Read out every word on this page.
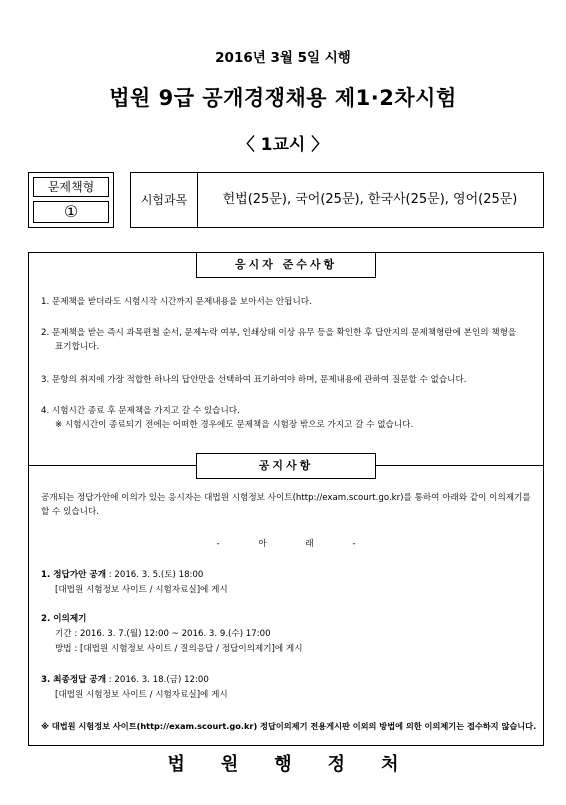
2016년 3월 5일 시행
법원 9급 공개경쟁채용 제1·2차시험
〈 1교시 〉
문제책형
①
시험과목	헌법(25문), 국어(25문), 한국사(25문), 영어(25문)
응시자 준수사항
1. 문제책을 받더라도 시험시작 시간까지 문제내용을 보아서는 안됩니다.
2. 문제책을 받는 즉시 과목편철 순서, 문제누락 여부, 인쇄상태 이상 유무 등을 확인한 후 답안지의 문제책형란에 본인의 책형을
표기합니다.
3. 문항의 취지에 가장 적합한 하나의 답안만을 선택하여 표기하여야 하며, 문제내용에 관하여 질문할 수 없습니다.
4. 시험시간 종료 후 문제책을 가지고 갈 수 있습니다.
※ 시험시간이 종료되기 전에는 어떠한 경우에도 문제책을 시험장 밖으로 가지고 갈 수 없습니다.
공지사항
공개되는 정답가안에 이의가 있는 응시자는 대법원 시험정보 사이트(http://exam.scourt.go.kr)를 통하여 아래와 같이 이의제기를
할 수 있습니다.
- 아 래 -
1. 정답가안 공개 : 2016. 3. 5.(토) 18:00
[대법원 시험정보 사이트 / 시험자료실]에 게시
2. 이의제기
기간 : 2016. 3. 7.(월) 12:00 ~ 2016. 3. 9.(수) 17:00
방법 : [대법원 시험정보 사이트 / 질의응답 / 정답이의제기]에 게시
3. 최종정답 공개 : 2016. 3. 18.(금) 12:00
[대법원 시험정보 사이트 / 시험자료실]에 게시
※ 대법원 시험정보 사이트(http://exam.scourt.go.kr) 정답이의제기 전용게시판 이외의 방법에 의한 이의제기는 접수하지 않습니다.
법원행정처
